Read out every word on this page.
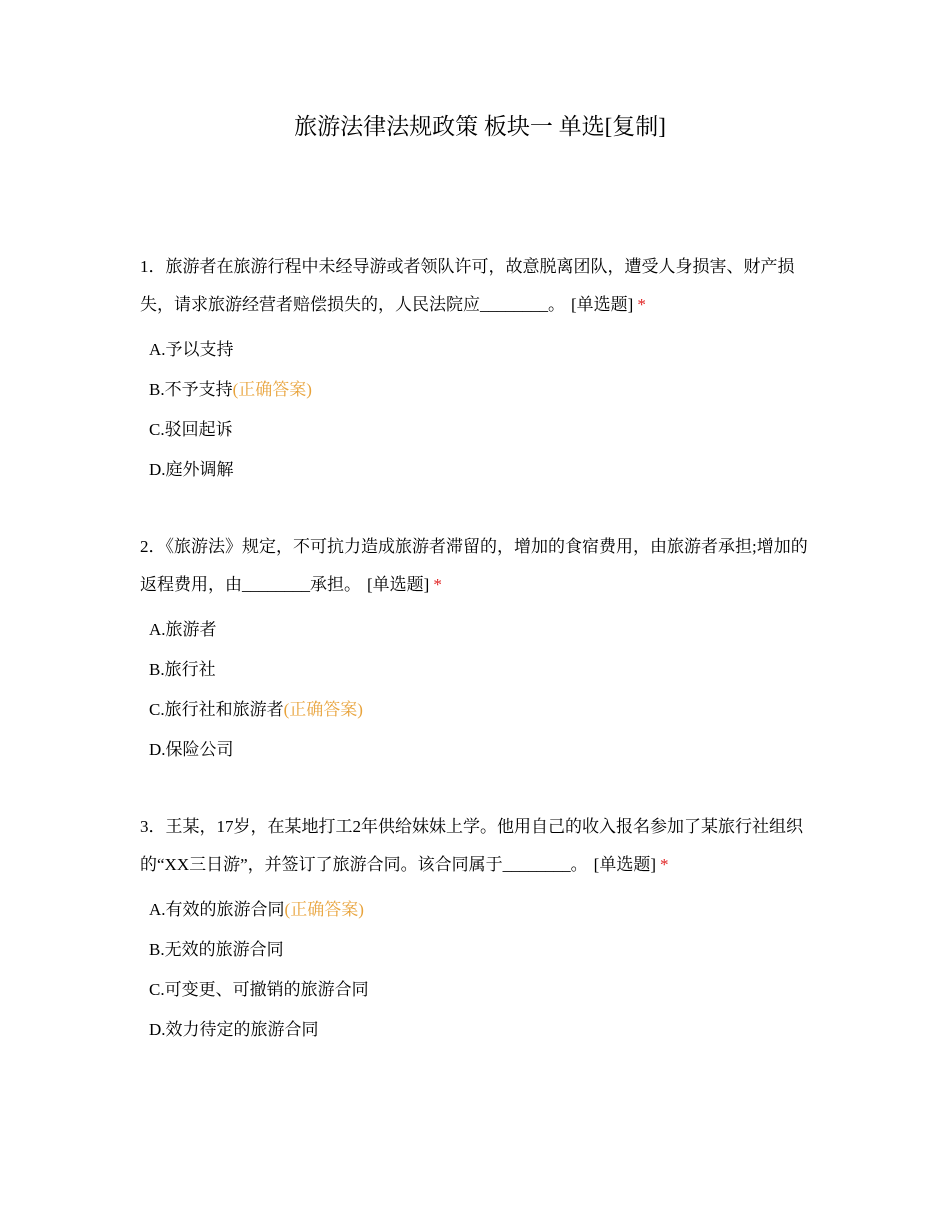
旅游法律法规政策 板块一 单选[复制]

1．旅游者在旅游行程中未经导游或者领队许可，故意脱离团队，遭受人身损害、财产损失，请求旅游经营者赔偿损失的，人民法院应________。 [单选题] *

A.予以支持
B.不予支持(正确答案)
C.驳回起诉
D.庭外调解

2．《旅游法》规定，不可抗力造成旅游者滞留的，增加的食宿费用，由旅游者承担;增加的返程费用，由________承担。 [单选题] *

A.旅游者
B.旅行社
C.旅行社和旅游者(正确答案)
D.保险公司

3．王某，17岁，在某地打工2年供给妹妹上学。他用自己的收入报名参加了某旅行社组织的“XX三日游”，并签订了旅游合同。该合同属于________。 [单选题] *

A.有效的旅游合同(正确答案)
B.无效的旅游合同
C.可变更、可撤销的旅游合同
D.效力待定的旅游合同
